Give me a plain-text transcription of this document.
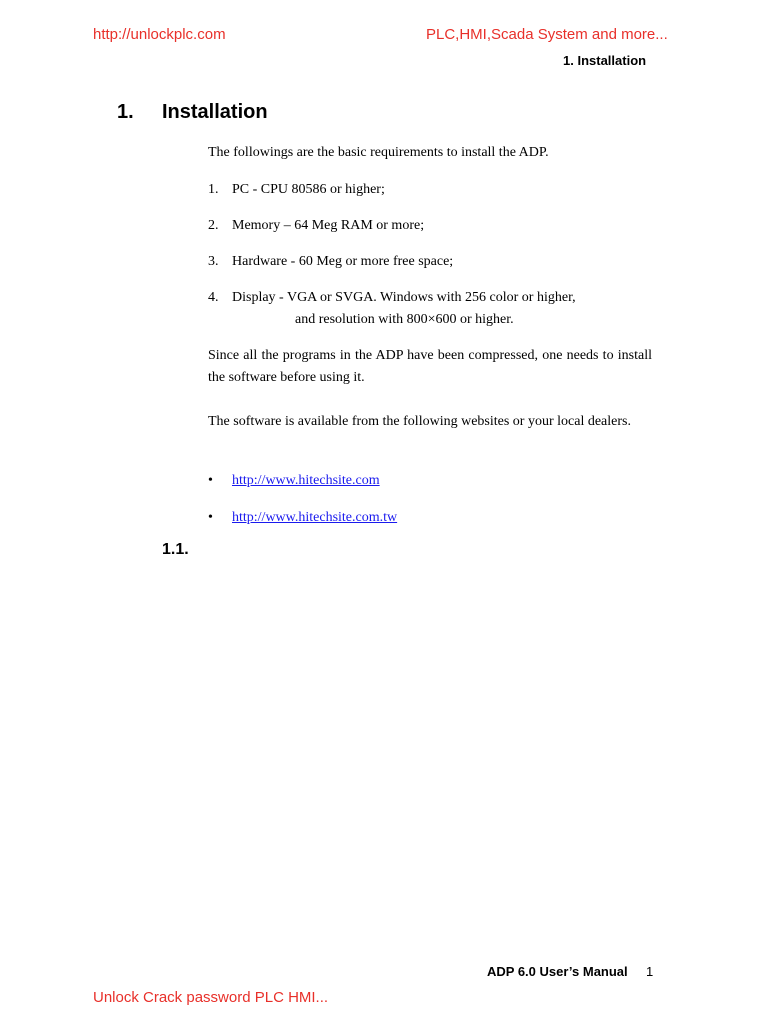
http://unlockplc.com	PLC,HMI,Scada System and more...
1. Installation
1. Installation
The followings are the basic requirements to install the ADP.
1. PC - CPU 80586 or higher;
2. Memory – 64 Meg RAM or more;
3. Hardware - 60 Meg or more free space;
4. Display - VGA or SVGA. Windows with 256 color or higher,
and resolution with 800×600 or higher.
Since all the programs in the ADP have been compressed, one needs to install the software before using it.
The software is available from the following websites or your local dealers.
• http://www.hitechsite.com
• http://www.hitechsite.com.tw
1.1.
ADP 6.0 User’s Manual 1
Unlock Crack password PLC HMI...
